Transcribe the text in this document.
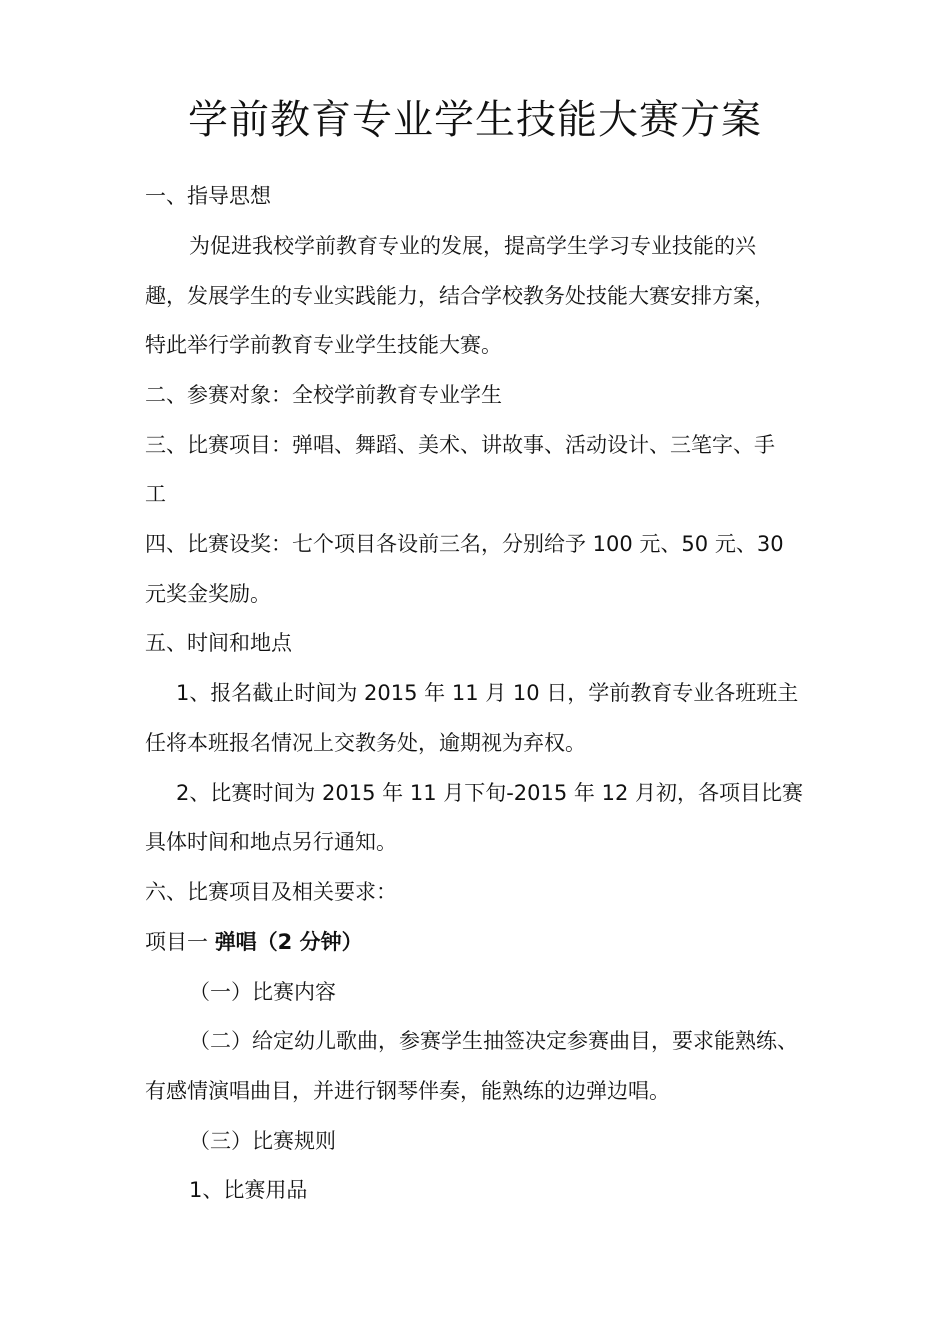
学前教育专业学生技能大赛方案
一、指导思想
为促进我校学前教育专业的发展，提高学生学习专业技能的兴
趣，发展学生的专业实践能力，结合学校教务处技能大赛安排方案，
特此举行学前教育专业学生技能大赛。
二、参赛对象：全校学前教育专业学生
三、比赛项目：弹唱、舞蹈、美术、讲故事、活动设计、三笔字、手
工
四、比赛设奖：七个项目各设前三名，分别给予 100 元、50 元、30
元奖金奖励。
五、时间和地点
1、报名截止时间为 2015 年 11 月 10 日，学前教育专业各班班主
任将本班报名情况上交教务处，逾期视为弃权。
2、比赛时间为 2015 年 11 月下旬-2015 年 12 月初，各项目比赛
具体时间和地点另行通知。
六、比赛项目及相关要求：
项目一 弹唱（2 分钟）
（一）比赛内容
（二）给定幼儿歌曲，参赛学生抽签决定参赛曲目，要求能熟练、
有感情演唱曲目，并进行钢琴伴奏，能熟练的边弹边唱。
（三）比赛规则
1、比赛用品
